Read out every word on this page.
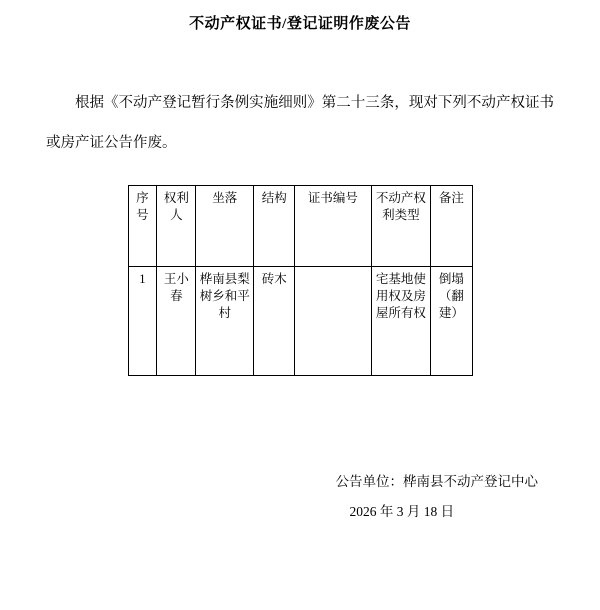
不动产权证书/登记证明作废公告

根据《不动产登记暂行条例实施细则》第二十三条，现对下列不动产权证书或房产证公告作废。

序号	权利人	坐落	结构	证书编号	不动产权利类型	备注
1	王小春	桦南县梨树乡和平村	砖木		宅基地使用权及房屋所有权	倒塌（翻建）
公告单位：桦南县不动产登记中心
2026 年 3 月 18 日
